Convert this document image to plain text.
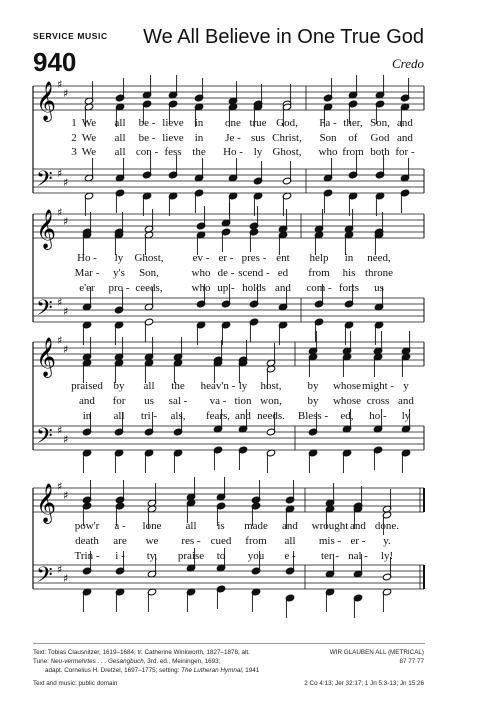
SERVICE MUSIC We All Believe in One True God
940	Credo
𝄞
𝄢
♯
♯
♯
♯
𝄞
𝄢
♯
♯
♯
♯
𝄞
𝄢
♯
♯
♯
♯
𝄞
𝄢
♯
♯
♯
♯
1 We all be - lieve in one true God, Fa - ther, Son, and
2 We all be - lieve in Je - sus Christ, Son of God and
3 We all con - fess the Ho - ly Ghost, who from both for -
Ho - ly Ghost,	ev - er - pres - ent help in need,
Mar - y's Son,	who de - scend - ed from his throne
e'er pro - ceeds,	who up - holds and com - forts us
praised by all the heav'n - ly host, by whose might - y
and for us sal - va - tion won, by whose cross and
in all tri - als, fears, and needs. Bless - ed, ho - ly
pow'r a - lone all is made and wrought and done.
death are we res - cued from all mis - er - y.
Trin - i - ty, praise to you e - ter - nal - ly!
Text: Tobias Clausnitzer, 1619–1684; tr. Catherine Winkworth, 1827–1878, alt.
Tune: Neu-vermehrtes . . . Gesangbuch, 3rd. ed., Meiningen, 1693;
adapt. Cornelius H. Dretzel, 1697–1775; setting: The Lutheran Hymnal, 1941
Text and music: public domain
WIR GLAUBEN ALL (METRICAL)
87 77 77
2 Co 4:13; Jer 32:17; 1 Jn 5:3-13; Jn 15:26
